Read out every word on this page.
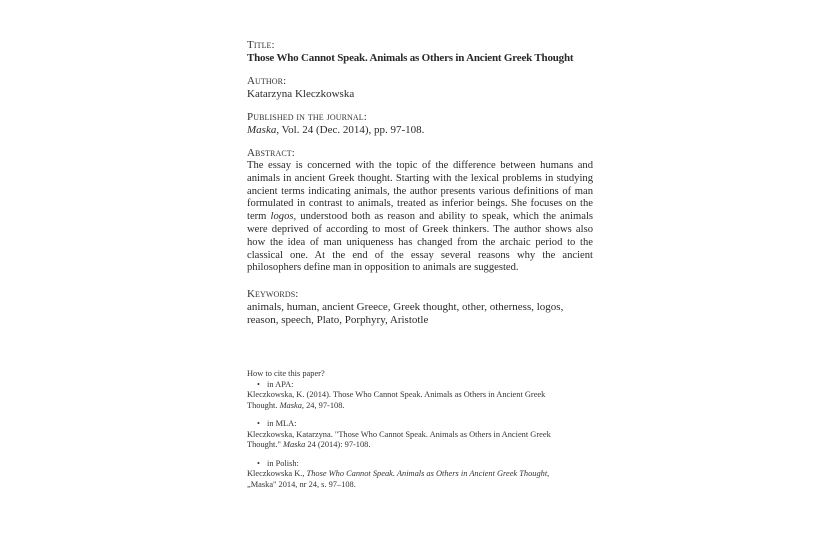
Title:
Those Who Cannot Speak. Animals as Others in Ancient Greek Thought
Author:
Katarzyna Kleczkowska
Published in the journal:
Maska, Vol. 24 (Dec. 2014), pp. 97-108.
Abstract:
The essay is concerned with the topic of the difference between humans and animals in ancient Greek thought. Starting with the lexical problems in studying ancient terms indicating animals, the author presents various definitions of man formulated in contrast to animals, treated as inferior beings. She focuses on the term logos, understood both as reason and ability to speak, which the animals were deprived of according to most of Greek thinkers. The author shows also how the idea of man uniqueness has changed from the archaic period to the classical one. At the end of the essay several reasons why the ancient philosophers define man in opposition to animals are suggested.
Keywords:
animals, human, ancient Greece, Greek thought, other, otherness, logos, reason, speech, Plato, Porphyry, Aristotle
How to cite this paper?
• in APA:
Kleczkowska, K. (2014). Those Who Cannot Speak. Animals as Others in Ancient Greek Thought. Maska, 24, 97-108.
• in MLA:
Kleczkowska, Katarzyna. "Those Who Cannot Speak. Animals as Others in Ancient Greek Thought." Maska 24 (2014): 97-108.
• in Polish:
Kleczkowska K., Those Who Cannot Speak. Animals as Others in Ancient Greek Thought, „Maska" 2014, nr 24, s. 97–108.
